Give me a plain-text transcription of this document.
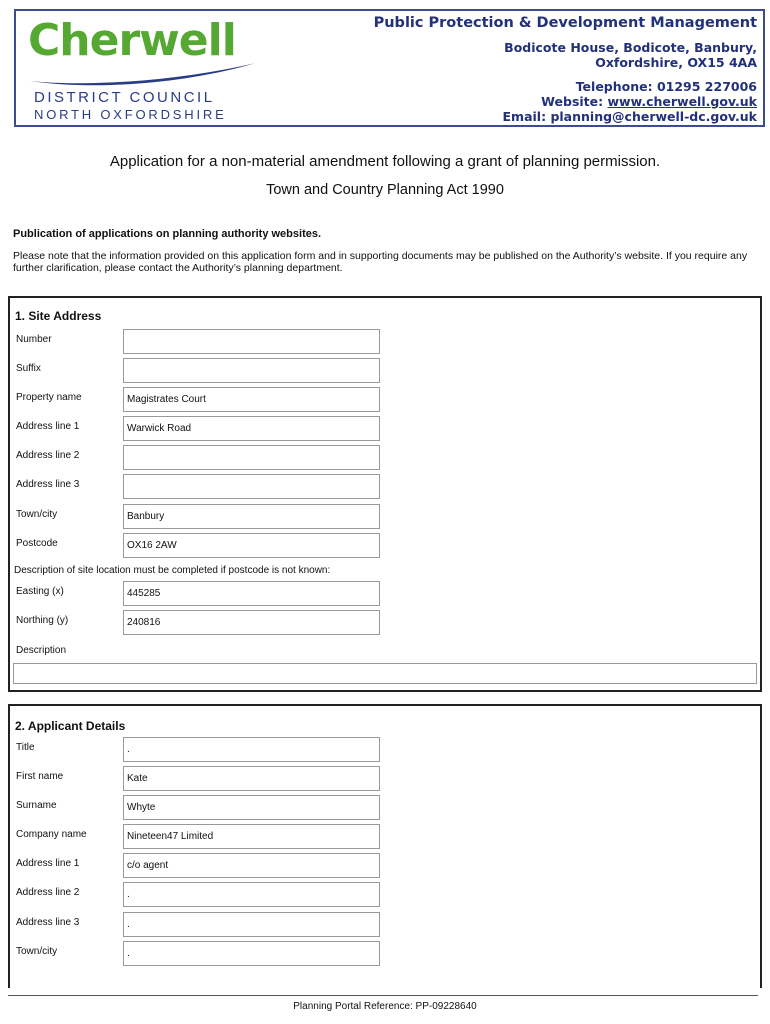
Cherwell
DISTRICT COUNCIL
NORTH OXFORDSHIRE
Public Protection & Development Management
Bodicote House, Bodicote, Banbury,
Oxfordshire, OX15 4AA
Telephone: 01295 227006
Website: www.cherwell.gov.uk
Email: planning@cherwell-dc.gov.uk
Application for a non-material amendment following a grant of planning permission.
Town and Country Planning Act 1990
Publication of applications on planning authority websites.
Please note that the information provided on this application form and in supporting documents may be published on the Authority’s website. If you require any further clarification, please contact the Authority’s planning department.
1. Site Address
Number
Suffix
Property name	Magistrates Court
Address line 1	Warwick Road
Address line 2
Address line 3
Town/city	Banbury
Postcode	OX16 2AW
Description of site location must be completed if postcode is not known:
Easting (x)	445285
Northing (y)	240816
Description
2. Applicant Details
Title	.
First name	Kate
Surname	Whyte
Company name	Nineteen47 Limited
Address line 1	c/o agent
Address line 2	.
Address line 3	.
Town/city	.
Planning Portal Reference: PP-09228640
